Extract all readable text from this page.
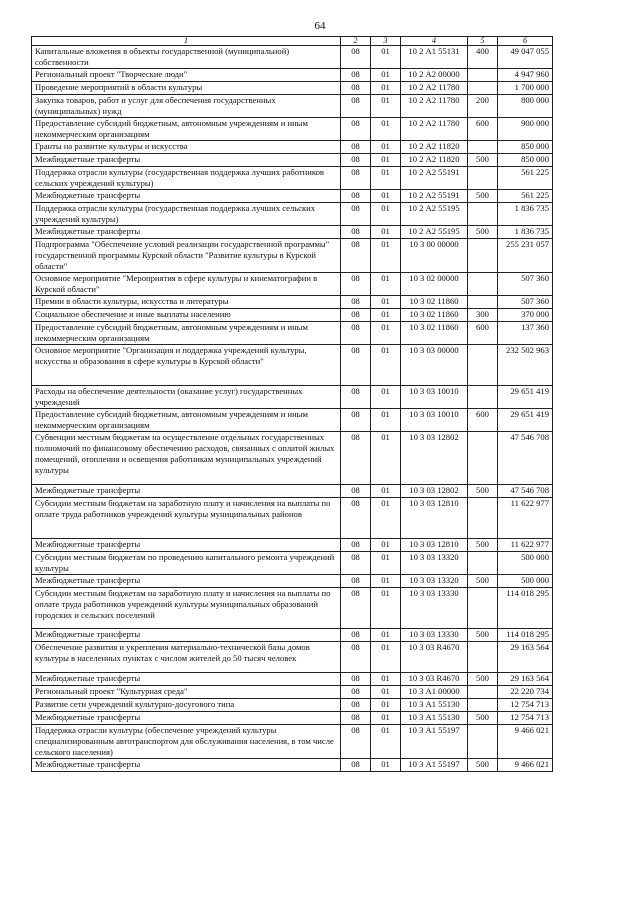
64
1	2	3	4	5	6
Капитальные вложения в объекты государственной (муниципальной) собственности	08	01	10 2 А1 55131	400	49 047 055
Региональный проект "Творческие люди"	08	01	10 2 А2 00000		4 947 960
Проведение мероприятий в области культуры	08	01	10 2 А2 11780		1 700 000
Закупка товаров, работ и услуг для обеспечения государственных (муниципальных) нужд	08	01	10 2 А2 11780	200	800 000
Предоставление субсидий бюджетным, автономным учреждениям и иным некоммерческим организациям	08	01	10 2 А2 11780	600	900 000
Гранты на развитие культуры и искусства	08	01	10 2 А2 11820		850 000
Межбюджетные трансферты	08	01	10 2 А2 11820	500	850 000
Поддержка отрасли культуры (государственная поддержка лучших работников сельских учреждений культуры)	08	01	10 2 А2 55191		561 225
Межбюджетные трансферты	08	01	10 2 А2 55191	500	561 225
Поддержка отрасли культуры (государственная поддержка лучших сельских учреждений культуры)	08	01	10 2 А2 55195		1 836 735
Межбюджетные трансферты	08	01	10 2 А2 55195	500	1 836 735
Подпрограмма "Обеспечение условий реализации государственной программы" государственной программы Курской области "Развитие культуры в Курской области"	08	01	10 3 00 00000		255 231 057
Основное мероприятие "Мероприятия в сфере культуры и кинематографии в Курской области"	08	01	10 3 02 00000		507 360
Премии в области культуры, искусства и литературы	08	01	10 3 02 11860		507 360
Социальное обеспечение и иные выплаты населению	08	01	10 3 02 11860	300	370 000
Предоставление субсидий бюджетным, автономным учреждениям и иным некоммерческим организациям	08	01	10 3 02 11860	600	137 360
Основное мероприятие "Организация и поддержка учреждений культуры, искусства и образования в сфере культуры в Курской области"	08	01	10 3 03 00000		232 502 963
Расходы на обеспечение деятельности (оказание услуг) государственных учреждений	08	01	10 3 03 10010		29 651 419
Предоставление субсидий бюджетным, автономным учреждениям и иным некоммерческим организациям	08	01	10 3 03 10010	600	29 651 419
Субвенции местным бюджетам на осуществление отдельных государственных полномочий по финансовому обеспечению расходов, связанных с оплатой жилых помещений, отопления и освещения работникам муниципальных учреждений культуры	08	01	10 3 03 12802		47 546 708
Межбюджетные трансферты	08	01	10 3 03 12802	500	47 546 708
Субсидии местным бюджетам на заработную плату и начисления на выплаты по оплате труда работников учреждений культуры муниципальных районов	08	01	10 3 03 12810		11 622 977
Межбюджетные трансферты	08	01	10 3 03 12810	500	11 622 977
Субсидии местным бюджетам по проведению капитального ремонта учреждений культуры	08	01	10 3 03 13320		500 000
Межбюджетные трансферты	08	01	10 3 03 13320	500	500 000
Субсидии местным бюджетам на заработную плату и начисления на выплаты по оплате труда работников учреждений культуры муниципальных образований городских и сельских поселений	08	01	10 3 03 13330		114 018 295
Межбюджетные трансферты	08	01	10 3 03 13330	500	114 018 295
Обеспечение развития и укрепления материально-технической базы домов культуры в населенных пунктах с числом жителей до 50 тысяч человек	08	01	10 3 03 R4670		29 163 564
Межбюджетные трансферты	08	01	10 3 03 R4670	500	29 163 564
Региональный проект "Культурная среда"	08	01	10 3 А1 00000		22 220 734
Развитие сети учреждений культурно-досугового типа	08	01	10 3 А1 55130		12 754 713
Межбюджетные трансферты	08	01	10 3 А1 55130	500	12 754 713
Поддержка отрасли культуры (обеспечение учреждений культуры специализированным автотранспортом для обслуживания населения, в том числе сельского населения)	08	01	10 3 А1 55197		9 466 021
Межбюджетные трансферты	08	01	10 3 А1 55197	500	9 466 021
